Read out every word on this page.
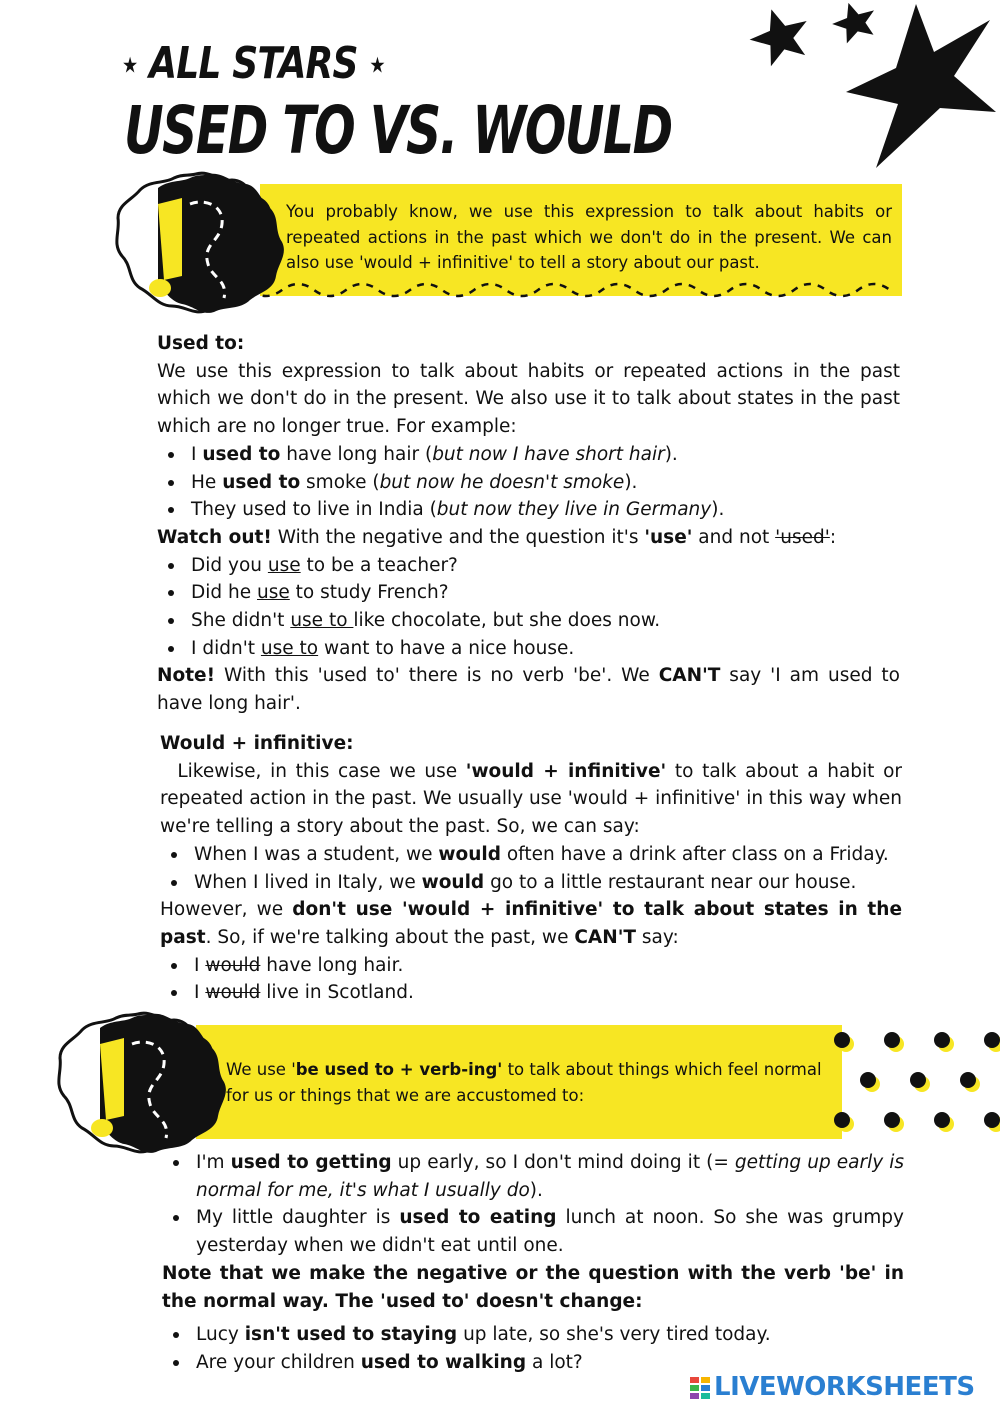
★ ALL STARS ★
USED TO VS. WOULD
You probably know, we use this expression to talk about habits or repeated actions in the past which we don't do in the present. We can also use 'would + infinitive' to tell a story about our past.

Used to:

We use this expression to talk about habits or repeated actions in the past which we don't do in the present. We also use it to talk about states in the past which are no longer true. For example:

I used to have long hair (but now I have short hair).
He used to smoke (but now he doesn't smoke).
They used to live in India (but now they live in Germany).

Watch out! With the negative and the question it's 'use' and not 'used':

Did you use to be a teacher?
Did he use to study French?
She didn't use to like chocolate, but she does now.
I didn't use to want to have a nice house.

Note! With this 'used to' there is no verb 'be'. We CAN'T say 'I am used to have long hair'.

Would + infinitive:

Likewise, in this case we use 'would + infinitive' to talk about a habit or repeated action in the past. We usually use 'would + infinitive' in this way when we're telling a story about the past. So, we can say:

When I was a student, we would often have a drink after class on a Friday.
When I lived in Italy, we would go to a little restaurant near our house.

However, we don't use 'would + infinitive' to talk about states in the past. So, if we're talking about the past, we CAN'T say:

I would have long hair.
I would live in Scotland.
We use 'be used to + verb-ing' to talk about things which feel normal for us or things that we are accustomed to:
I'm used to getting up early, so I don't mind doing it (= getting up early is normal for me, it's what I usually do).
My little daughter is used to eating lunch at noon. So she was grumpy yesterday when we didn't eat until one.

Note that we make the negative or the question with the verb 'be' in the normal way. The 'used to' doesn't change:

Lucy isn't used to staying up late, so she's very tired today.
Are your children used to walking a lot?
LIVEWORKSHEETS
